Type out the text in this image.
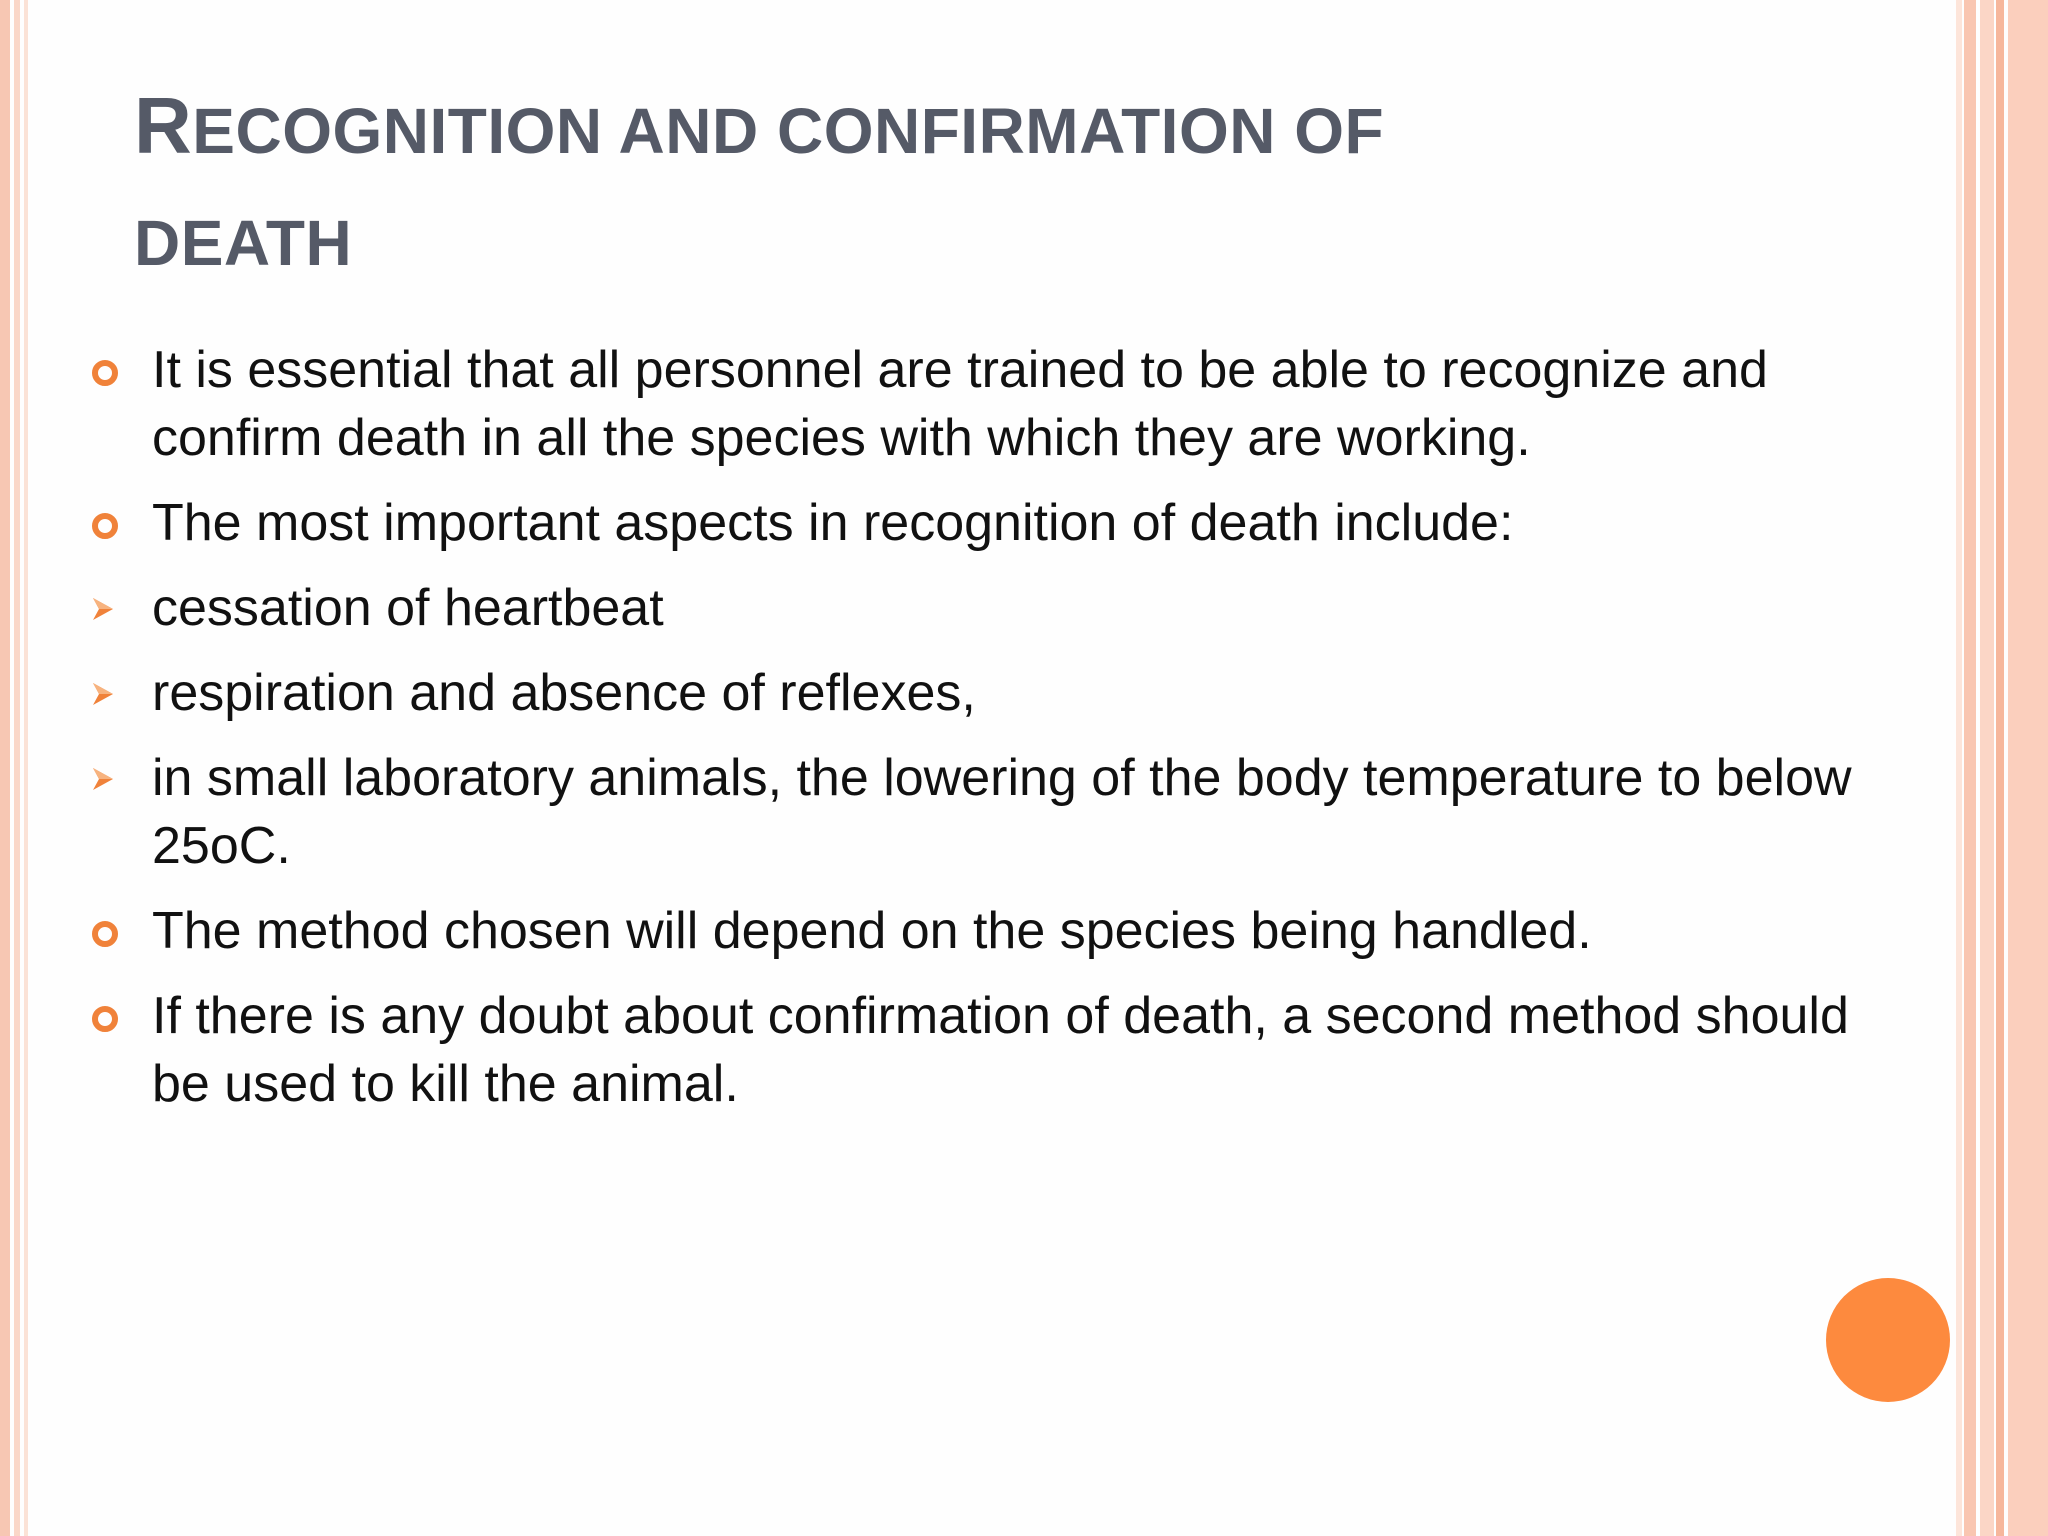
RECOGNITION AND CONFIRMATION OF
DEATH
It is essential that all personnel are trained to be able to recognize and confirm death in all the species with which they are working.
The most important aspects in recognition of death include:
cessation of heartbeat
respiration and absence of reflexes,
in small laboratory animals, the lowering of the body temperature to below 25oC.
The method chosen will depend on the species being handled.
If there is any doubt about confirmation of death, a second method should be used to kill the animal.
